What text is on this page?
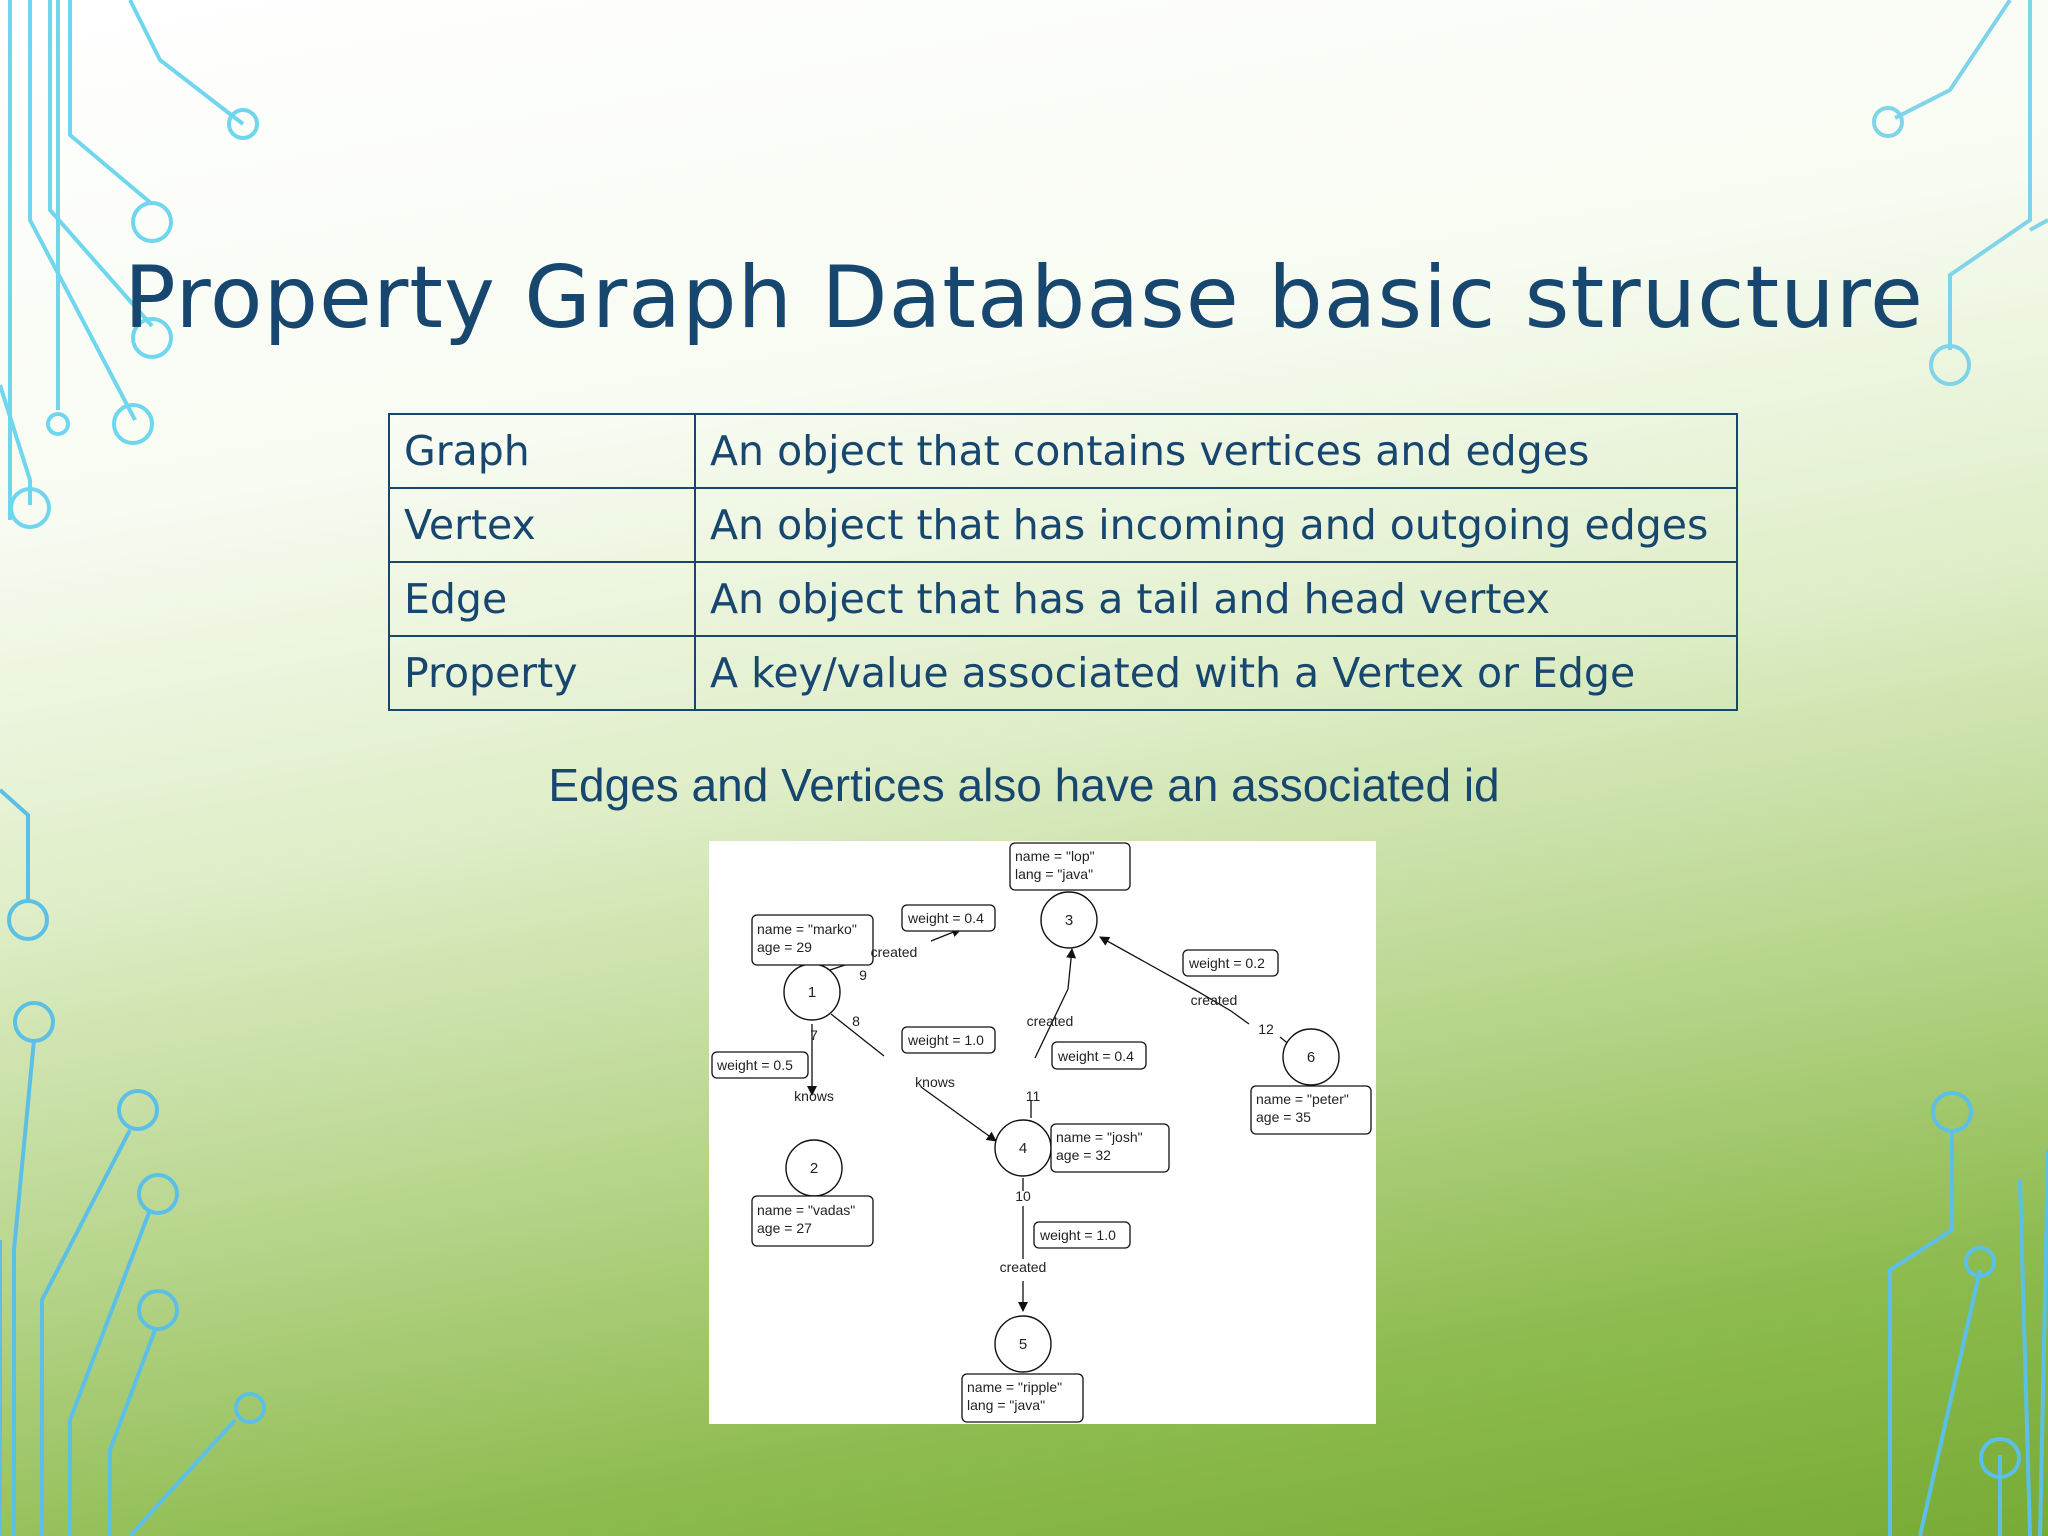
Property Graph Database basic structure
Graph	An object that contains vertices and edges
Vertex	An object that has incoming and outgoing edges
Edge	An object that has a tail and head vertex
Property	A key/value associated with a Vertex or Edge
Edges and Vertices also have an associated id
1
2
3
4
5
6
name = "marko"
age = 29
name = "vadas"
age = 27
name = "lop"
lang = "java"
name = "josh"
age = 32
name = "ripple"
lang = "java"
name = "peter"
age = 35
weight = 0.4
weight = 0.5
weight = 1.0
weight = 0.4
weight = 0.2
weight = 1.0
created
9
knows
7
knows
8	created
11
created
12
created
10
